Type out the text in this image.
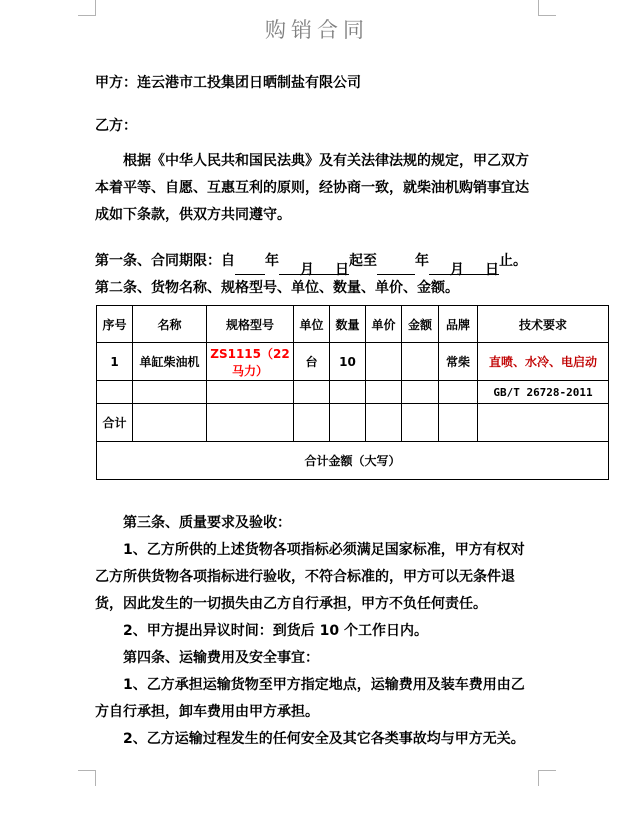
购销合同
甲方：连云港市工投集团日晒制盐有限公司
乙方：
根据《中华人民共和国民法典》及有关法律法规的规定，甲乙双方本着平等、自愿、互惠互利的原则，经协商一致，就柴油机购销事宜达成如下条款，供双方共同遵守。
第一条、合同期限：自 年　月　　日起至	年　月　　日止。
第二条、货物名称、规格型号、单位、数量、单价、金额。
序号	名称	规格型号	单位	数量	单价	金额	品牌	技术要求
1	单缸柴油机	ZS1115（22马力）	台	10			常柴	直喷、水冷、电启动
								GB/T 26728-2011
合计								
合计金额（大写）								

第三条、质量要求及验收：

1、乙方所供的上述货物各项指标必须满足国家标准，甲方有权对乙方所供货物各项指标进行验收，不符合标准的，甲方可以无条件退货，因此发生的一切损失由乙方自行承担，甲方不负任何责任。

2、甲方提出异议时间：到货后 10 个工作日内。

第四条、运输费用及安全事宜：

1、乙方承担运输货物至甲方指定地点，运输费用及装车费用由乙方自行承担，卸车费用由甲方承担。

2、乙方运输过程发生的任何安全及其它各类事故均与甲方无关。
